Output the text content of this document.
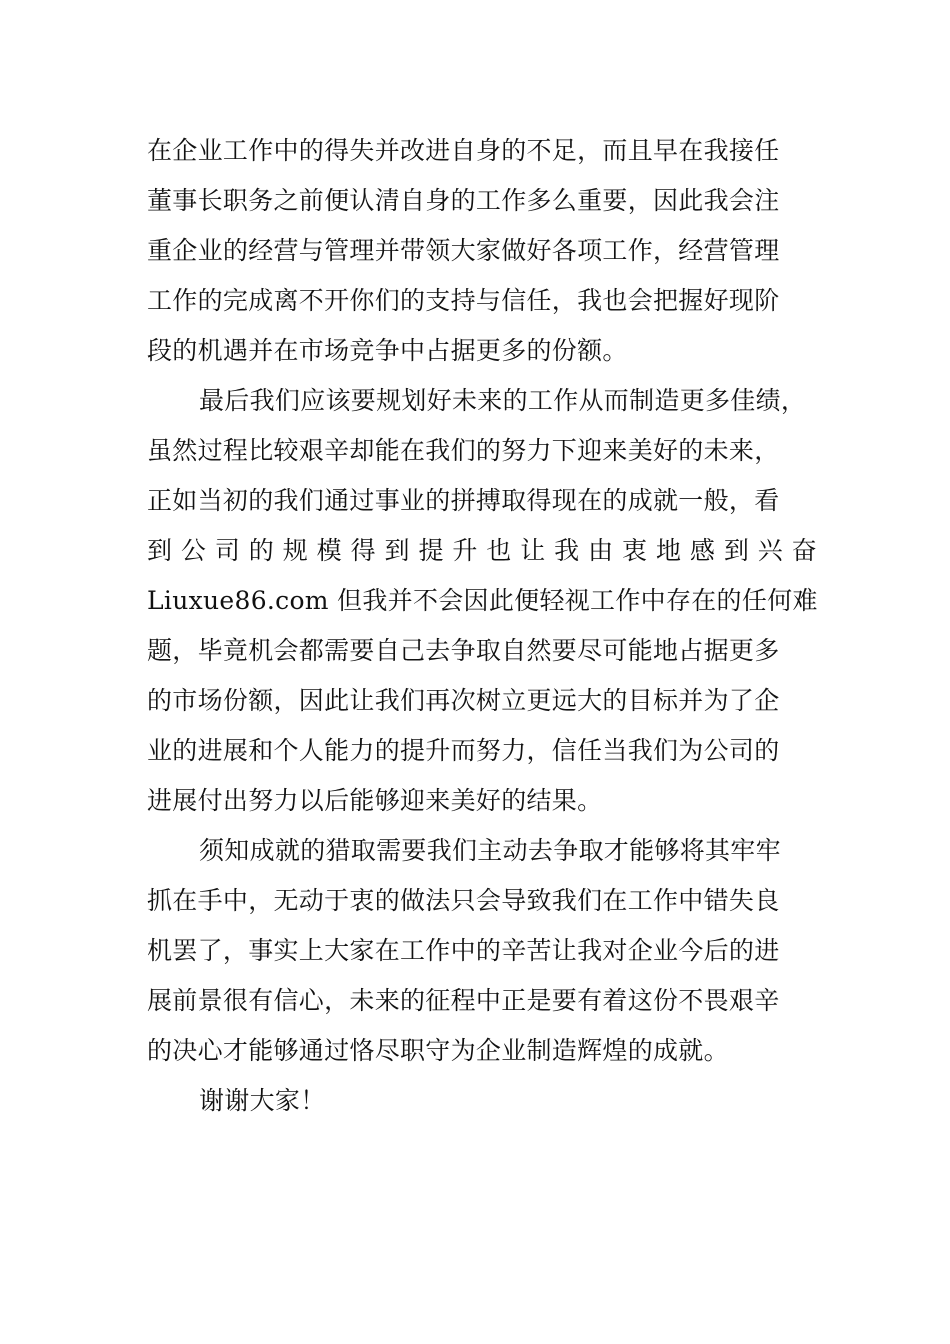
在企业工作中的得失并改进自身的不足，而且早在我接任
董事长职务之前便认清自身的工作多么重要，因此我会注
重企业的经营与管理并带领大家做好各项工作，经营管理
工作的完成离不开你们的支持与信任，我也会把握好现阶
段的机遇并在市场竞争中占据更多的份额。
最后我们应该要规划好未来的工作从而制造更多佳绩，
虽然过程比较艰辛却能在我们的努力下迎来美好的未来，
正如当初的我们通过事业的拼搏取得现在的成就一般，看
到 公 司 的 规 模 得 到 提 升 也 让 我 由 衷 地 感 到 兴 奋
Liuxue86.com 但我并不会因此便轻视工作中存在的任何难
题，毕竟机会都需要自己去争取自然要尽可能地占据更多
的市场份额，因此让我们再次树立更远大的目标并为了企
业的进展和个人能力的提升而努力，信任当我们为公司的
进展付出努力以后能够迎来美好的结果。
须知成就的猎取需要我们主动去争取才能够将其牢牢
抓在手中，无动于衷的做法只会导致我们在工作中错失良
机罢了，事实上大家在工作中的辛苦让我对企业今后的进
展前景很有信心，未来的征程中正是要有着这份不畏艰辛
的决心才能够通过恪尽职守为企业制造辉煌的成就。
谢谢大家！
